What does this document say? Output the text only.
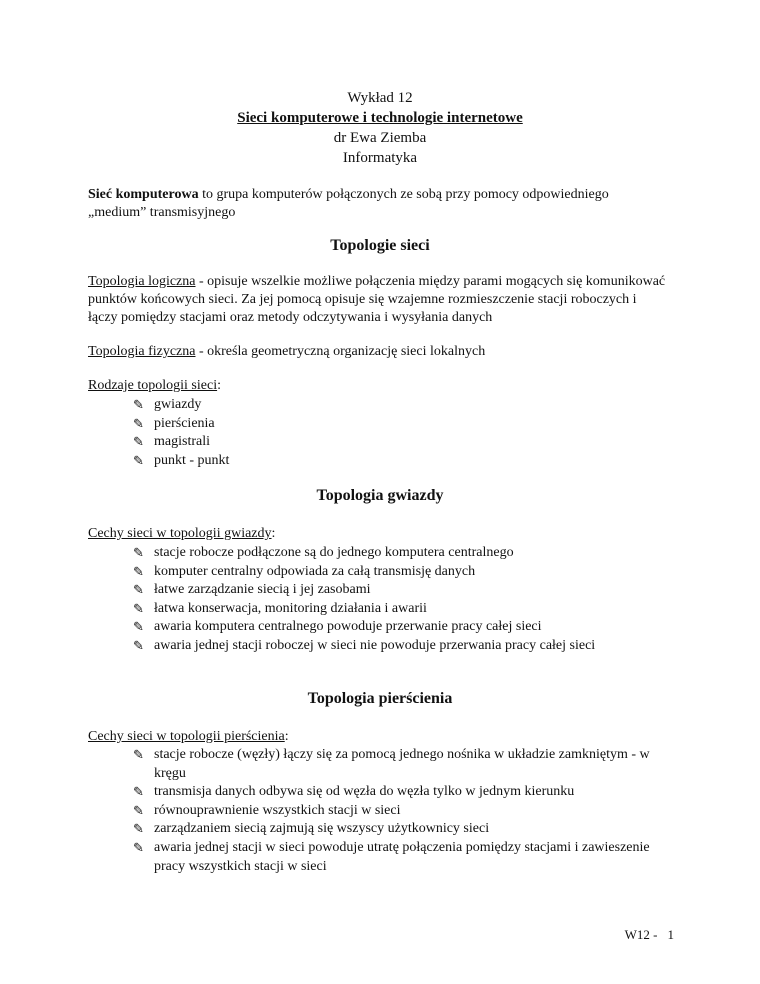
Wykład 12
Sieci komputerowe i technologie internetowe
dr Ewa Ziemba
Informatyka
Sieć komputerowa to grupa komputerów połączonych ze sobą przy pomocy odpowiedniego „medium” transmisyjnego
Topologie sieci
Topologia logiczna - opisuje wszelkie możliwe połączenia między parami mogących się komunikować punktów końcowych sieci. Za jej pomocą opisuje się wzajemne rozmieszczenie stacji roboczych i łączy pomiędzy stacjami oraz metody odczytywania i wysyłania danych
Topologia fizyczna - określa geometryczną organizację sieci lokalnych
Rodzaje topologii sieci:
✎ gwiazdy
✎ pierścienia
✎ magistrali
✎ punkt - punkt
Topologia gwiazdy
Cechy sieci w topologii gwiazdy:
✎ stacje robocze podłączone są do jednego komputera centralnego
✎ komputer centralny odpowiada za całą transmisję danych
✎ łatwe zarządzanie siecią i jej zasobami
✎ łatwa konserwacja, monitoring działania i awarii
✎ awaria komputera centralnego powoduje przerwanie pracy całej sieci
✎ awaria jednej stacji roboczej w sieci nie powoduje przerwania pracy całej sieci
Topologia pierścienia
Cechy sieci w topologii pierścienia:
✎ stacje robocze (węzły) łączy się za pomocą jednego nośnika w układzie zamkniętym - w kręgu
✎ transmisja danych odbywa się od węzła do węzła tylko w jednym kierunku
✎ równouprawnienie wszystkich stacji w sieci
✎ zarządzaniem siecią zajmują się wszyscy użytkownicy sieci
✎ awaria jednej stacji w sieci powoduje utratę połączenia pomiędzy stacjami i zawieszenie pracy wszystkich stacji w sieci
W12 - 1
